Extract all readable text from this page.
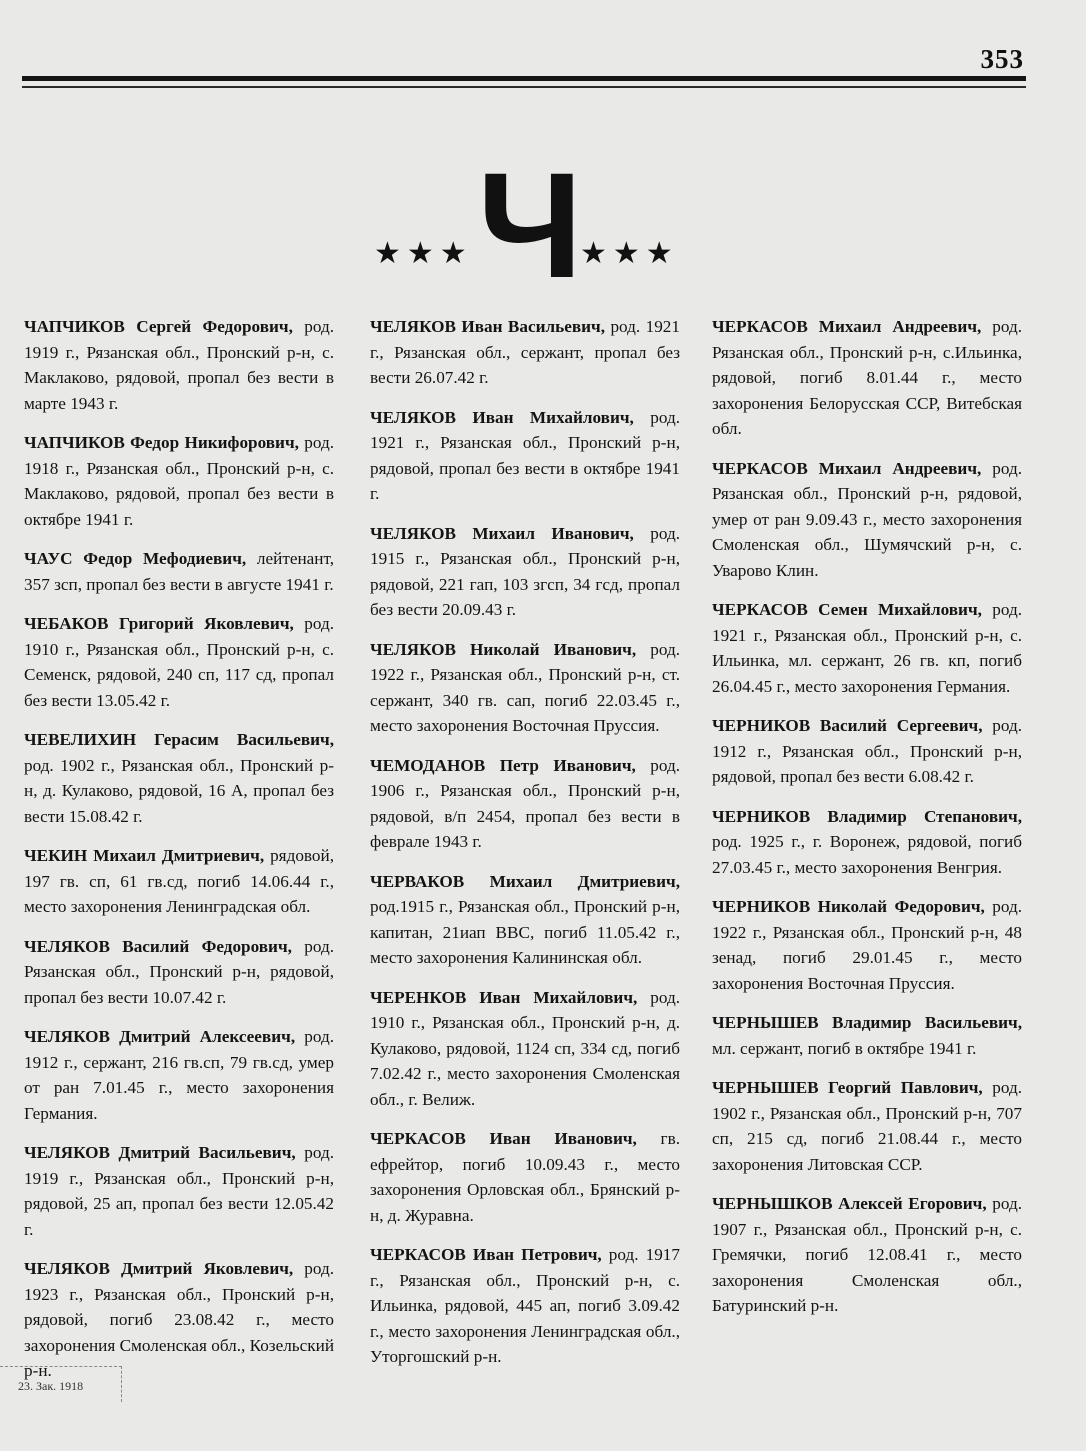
353
Ч
★★★	★★★

ЧАПЧИКОВ Сергей Федорович, род. 1919 г., Рязанская обл., Пронский р-н, с. Маклаково, рядовой, пропал без вести в марте 1943 г.

ЧАПЧИКОВ Федор Никифорович, род. 1918 г., Рязанская обл., Пронский р-н, с. Маклаково, рядовой, пропал без вести в октябре 1941 г.

ЧАУС Федор Мефодиевич, лейтенант, 357 зсп, пропал без вести в августе 1941 г.

ЧЕБАКОВ Григорий Яковлевич, род. 1910 г., Рязанская обл., Пронский р-н, с. Семенск, рядовой, 240 сп, 117 сд, пропал без вести 13.05.42 г.

ЧЕВЕЛИХИН Герасим Васильевич, род. 1902 г., Рязанская обл., Пронский р-н, д. Кулаково, рядовой, 16 А, пропал без вести 15.08.42 г.

ЧЕКИН Михаил Дмитриевич, рядовой, 197 гв. сп, 61 гв.сд, погиб 14.06.44 г., место захоронения Ленинградская обл.

ЧЕЛЯКОВ Василий Федорович, род. Рязанская обл., Пронский р-н, рядовой, пропал без вести 10.07.42 г.

ЧЕЛЯКОВ Дмитрий Алексеевич, род. 1912 г., сержант, 216 гв.сп, 79 гв.сд, умер от ран 7.01.45 г., место захоронения Германия.

ЧЕЛЯКОВ Дмитрий Васильевич, род. 1919 г., Рязанская обл., Пронский р-н, рядовой, 25 ап, пропал без вести 12.05.42 г.

ЧЕЛЯКОВ Дмитрий Яковлевич, род. 1923 г., Рязанская обл., Пронский р-н, рядовой, погиб 23.08.42 г., место захоронения Смоленская обл., Козельский р-н.

ЧЕЛЯКОВ Иван Васильевич, род. 1921 г., Рязанская обл., сержант, пропал без вести 26.07.42 г.

ЧЕЛЯКОВ Иван Михайлович, род. 1921 г., Рязанская обл., Пронский р-н, рядовой, пропал без вести в октябре 1941 г.

ЧЕЛЯКОВ Михаил Иванович, род. 1915 г., Рязанская обл., Пронский р-н, рядовой, 221 гап, 103 згсп, 34 гсд, пропал без вести 20.09.43 г.

ЧЕЛЯКОВ Николай Иванович, род. 1922 г., Рязанская обл., Пронский р-н, ст. сержант, 340 гв. сап, погиб 22.03.45 г., место захоронения Восточная Пруссия.

ЧЕМОДАНОВ Петр Иванович, род. 1906 г., Рязанская обл., Пронский р-н, рядовой, в/п 2454, пропал без вести в феврале 1943 г.

ЧЕРВАКОВ Михаил Дмитриевич, род.1915 г., Рязанская обл., Пронский р-н, капитан, 21иап ВВС, погиб 11.05.42 г., место захоронения Калининская обл.

ЧЕРЕНКОВ Иван Михайлович, род. 1910 г., Рязанская обл., Пронский р-н, д. Кулаково, рядовой, 1124 сп, 334 сд, погиб 7.02.42 г., место захоронения Смоленская обл., г. Велиж.

ЧЕРКАСОВ Иван Иванович, гв. ефрейтор, погиб 10.09.43 г., место захоронения Орловская обл., Брянский р-н, д. Журавна.

ЧЕРКАСОВ Иван Петрович, род. 1917 г., Рязанская обл., Пронский р-н, с. Ильинка, рядовой, 445 ап, погиб 3.09.42 г., место захоронения Ленинградская обл., Уторгошский р-н.

ЧЕРКАСОВ Михаил Андреевич, род. Рязанская обл., Пронский р-н, с.Ильинка, рядовой, погиб 8.01.44 г., место захоронения Белорусская ССР, Витебская обл.

ЧЕРКАСОВ Михаил Андреевич, род. Рязанская обл., Пронский р-н, рядовой, умер от ран 9.09.43 г., место захоронения Смоленская обл., Шумячский р-н, с. Уварово Клин.

ЧЕРКАСОВ Семен Михайлович, род. 1921 г., Рязанская обл., Пронский р-н, с. Ильинка, мл. сержант, 26 гв. кп, погиб 26.04.45 г., место захоронения Германия.

ЧЕРНИКОВ Василий Сергеевич, род. 1912 г., Рязанская обл., Пронский р-н, рядовой, пропал без вести 6.08.42 г.

ЧЕРНИКОВ Владимир Степанович, род. 1925 г., г. Воронеж, рядовой, погиб 27.03.45 г., место захоронения Венгрия.

ЧЕРНИКОВ Николай Федорович, род. 1922 г., Рязанская обл., Пронский р-н, 48 зенад, погиб 29.01.45 г., место захоронения Восточная Пруссия.

ЧЕРНЫШЕВ Владимир Васильевич, мл. сержант, погиб в октябре 1941 г.

ЧЕРНЫШЕВ Георгий Павлович, род. 1902 г., Рязанская обл., Пронский р-н, 707 сп, 215 сд, погиб 21.08.44 г., место захоронения Литовская ССР.

ЧЕРНЫШКОВ Алексей Егорович, род. 1907 г., Рязанская обл., Пронский р-н, с. Гремячки, погиб 12.08.41 г., место захоронения Смоленская обл., Батуринский р-н.

23. Зак. 1918
